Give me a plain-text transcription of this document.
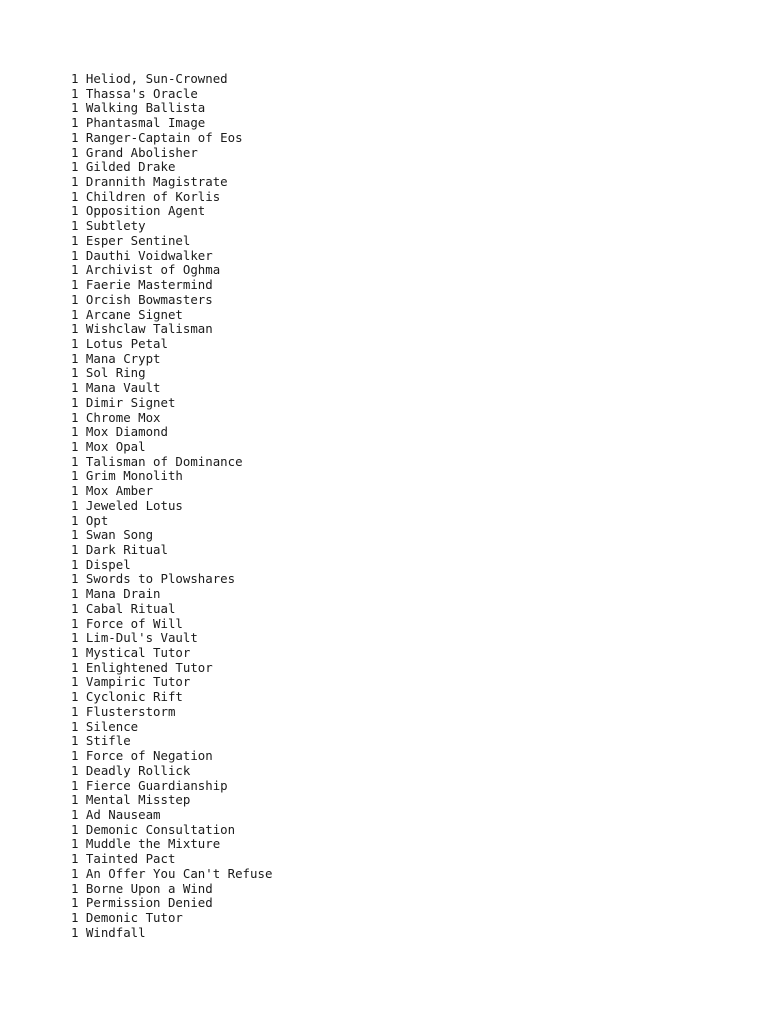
1 Heliod, Sun-Crowned
1 Thassa's Oracle
1 Walking Ballista
1 Phantasmal Image
1 Ranger-Captain of Eos
1 Grand Abolisher
1 Gilded Drake
1 Drannith Magistrate
1 Children of Korlis
1 Opposition Agent
1 Subtlety
1 Esper Sentinel
1 Dauthi Voidwalker
1 Archivist of Oghma
1 Faerie Mastermind
1 Orcish Bowmasters
1 Arcane Signet
1 Wishclaw Talisman
1 Lotus Petal
1 Mana Crypt
1 Sol Ring
1 Mana Vault
1 Dimir Signet
1 Chrome Mox
1 Mox Diamond
1 Mox Opal
1 Talisman of Dominance
1 Grim Monolith
1 Mox Amber
1 Jeweled Lotus
1 Opt
1 Swan Song
1 Dark Ritual
1 Dispel
1 Swords to Plowshares
1 Mana Drain
1 Cabal Ritual
1 Force of Will
1 Lim-Dul's Vault
1 Mystical Tutor
1 Enlightened Tutor
1 Vampiric Tutor
1 Cyclonic Rift
1 Flusterstorm
1 Silence
1 Stifle
1 Force of Negation
1 Deadly Rollick
1 Fierce Guardianship
1 Mental Misstep
1 Ad Nauseam
1 Demonic Consultation
1 Muddle the Mixture
1 Tainted Pact
1 An Offer You Can't Refuse
1 Borne Upon a Wind
1 Permission Denied
1 Demonic Tutor
1 Windfall
